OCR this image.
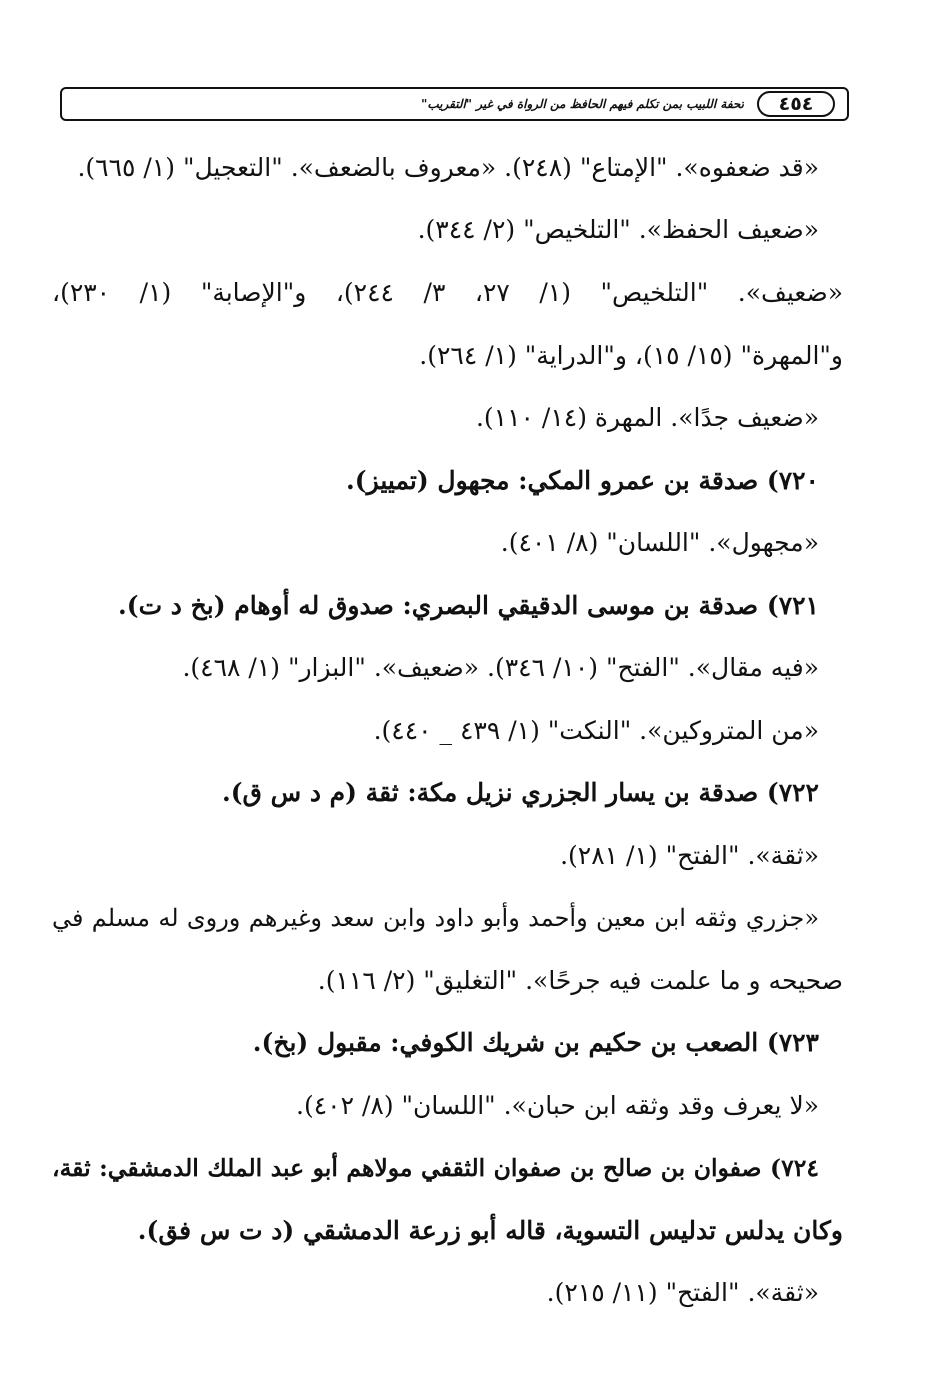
٤٥٤
تحفة اللبيب بمن تكلم فيهم الحافظ من الرواة في غير "التقريب"
«قد ضعفوه». "الإمتاع" (٢٤٨). «معروف بالضعف». "التعجيل" (١/ ٦٦٥).
«ضعيف الحفظ». "التلخيص" (٢/ ٣٤٤).
«ضعيف». "التلخيص" (١/ ٢٧، ٣/ ٢٤٤)، و"الإصابة" (١/ ٢٣٠)،
و"المهرة" (١٥/ ١٥)، و"الدراية" (١/ ٢٦٤).
«ضعيف جدًا». المهرة (١٤/ ١١٠).
٧٢٠) صدقة بن عمرو المكي: مجهول (تمييز).
«مجهول». "اللسان" (٨/ ٤٠١).
٧٢١) صدقة بن موسى الدقيقي البصري: صدوق له أوهام (بخ د ت).
«فيه مقال». "الفتح" (١٠/ ٣٤٦). «ضعيف». "البزار" (١/ ٤٦٨).
«من المتروكين». "النكت" (١/ ٤٣٩ _ ٤٤٠).
٧٢٢) صدقة بن يسار الجزري نزيل مكة: ثقة (م د س ق).
«ثقة». "الفتح" (١/ ٢٨١).
«جزري وثقه ابن معين وأحمد وأبو داود وابن سعد وغيرهم وروى له مسلم في
صحيحه و ما علمت فيه جرحًا». "التغليق" (٢/ ١١٦).
٧٢٣) الصعب بن حكيم بن شريك الكوفي: مقبول (بخ).
«لا يعرف وقد وثقه ابن حبان». "اللسان" (٨/ ٤٠٢).
٧٢٤) صفوان بن صالح بن صفوان الثقفي مولاهم أبو عبد الملك الدمشقي: ثقة،
وكان يدلس تدليس التسوية، قاله أبو زرعة الدمشقي (د ت س فق).
«ثقة». "الفتح" (١١/ ٢١٥).
